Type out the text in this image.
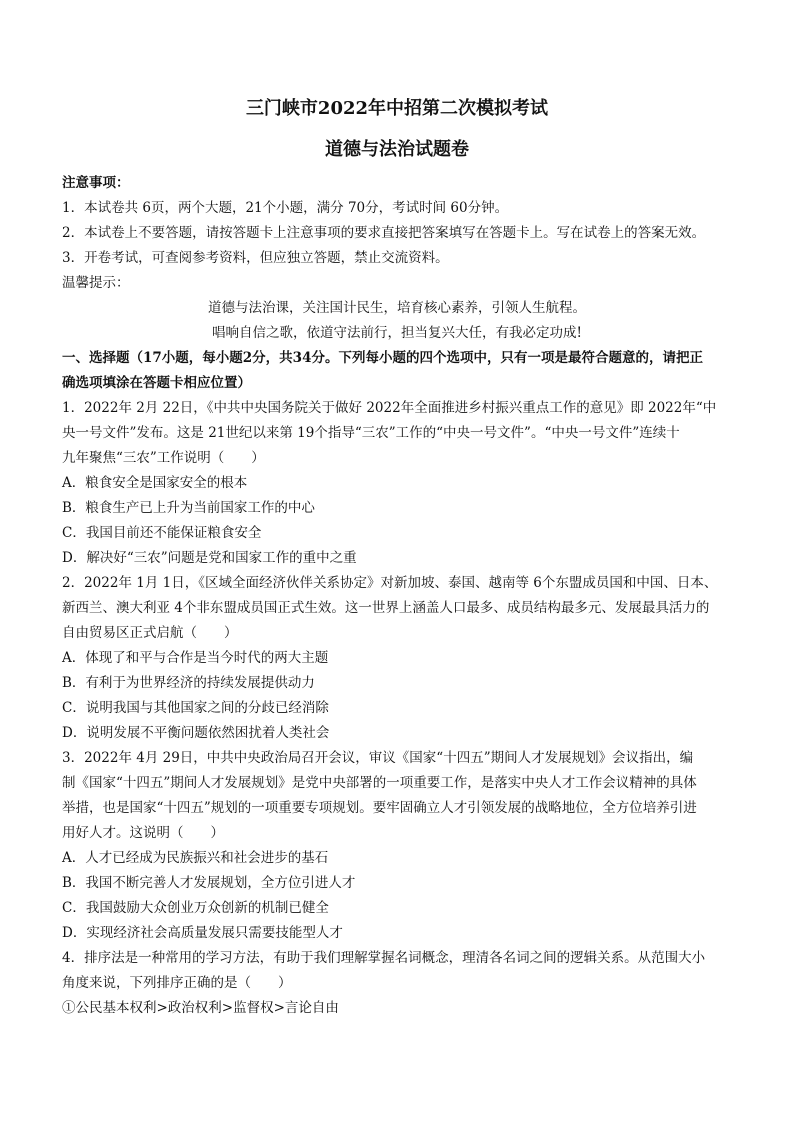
三门峡市2022年中招第二次模拟考试
道德与法治试题卷
注意事项：
1．本试卷共 6页，两个大题，21个小题，满分 70分，考试时间 60分钟。
2．本试卷上不要答题，请按答题卡上注意事项的要求直接把答案填写在答题卡上。写在试卷上的答案无效。
3．开卷考试，可查阅参考资料，但应独立答题，禁止交流资料。
温馨提示：
道德与法治课，关注国计民生，培育核心素养，引领人生航程。
唱响自信之歌，依道守法前行，担当复兴大任，有我必定功成!
一、选择题（17小题，每小题2分，共34分。下列每小题的四个选项中，只有一项是最符合题意的，请把正
确选项填涂在答题卡相应位置）
1．2022年 2月 22日，《中共中央国务院关于做好 2022年全面推进乡村振兴重点工作的意见》即 2022年“中
央一号文件”发布。这是 21世纪以来第 19个指导“三农”工作的“中央一号文件”。“中央一号文件”连续十
九年聚焦“三农”工作说明（　　）
A．粮食安全是国家安全的根本
B．粮食生产已上升为当前国家工作的中心
C．我国目前还不能保证粮食安全
D．解决好“三农”问题是党和国家工作的重中之重
2．2022年 1月 1日，《区域全面经济伙伴关系协定》对新加坡、泰国、越南等 6个东盟成员国和中国、日本、
新西兰、澳大利亚 4个非东盟成员国正式生效。这一世界上涵盖人口最多、成员结构最多元、发展最具活力的
自由贸易区正式启航（　　）
A．体现了和平与合作是当今时代的两大主题
B．有利于为世界经济的持续发展提供动力
C．说明我国与其他国家之间的分歧已经消除
D．说明发展不平衡问题依然困扰着人类社会
3．2022年 4月 29日，中共中央政治局召开会议，审议《国家“十四五”期间人才发展规划》会议指出，编
制《国家“十四五”期间人才发展规划》是党中央部署的一项重要工作，是落实中央人才工作会议精神的具体
举措，也是国家“十四五”规划的一项重要专项规划。要牢固确立人才引领发展的战略地位，全方位培养引进
用好人才。这说明（　　）
A．人才已经成为民族振兴和社会进步的基石
B．我国不断完善人才发展规划，全方位引进人才
C．我国鼓励大众创业万众创新的机制已健全
D．实现经济社会高质量发展只需要技能型人才
4．排序法是一种常用的学习方法，有助于我们理解掌握名词概念，理清各名词之间的逻辑关系。从范围大小
角度来说，下列排序正确的是（　　）
①公民基本权利>政治权利>监督权>言论自由
